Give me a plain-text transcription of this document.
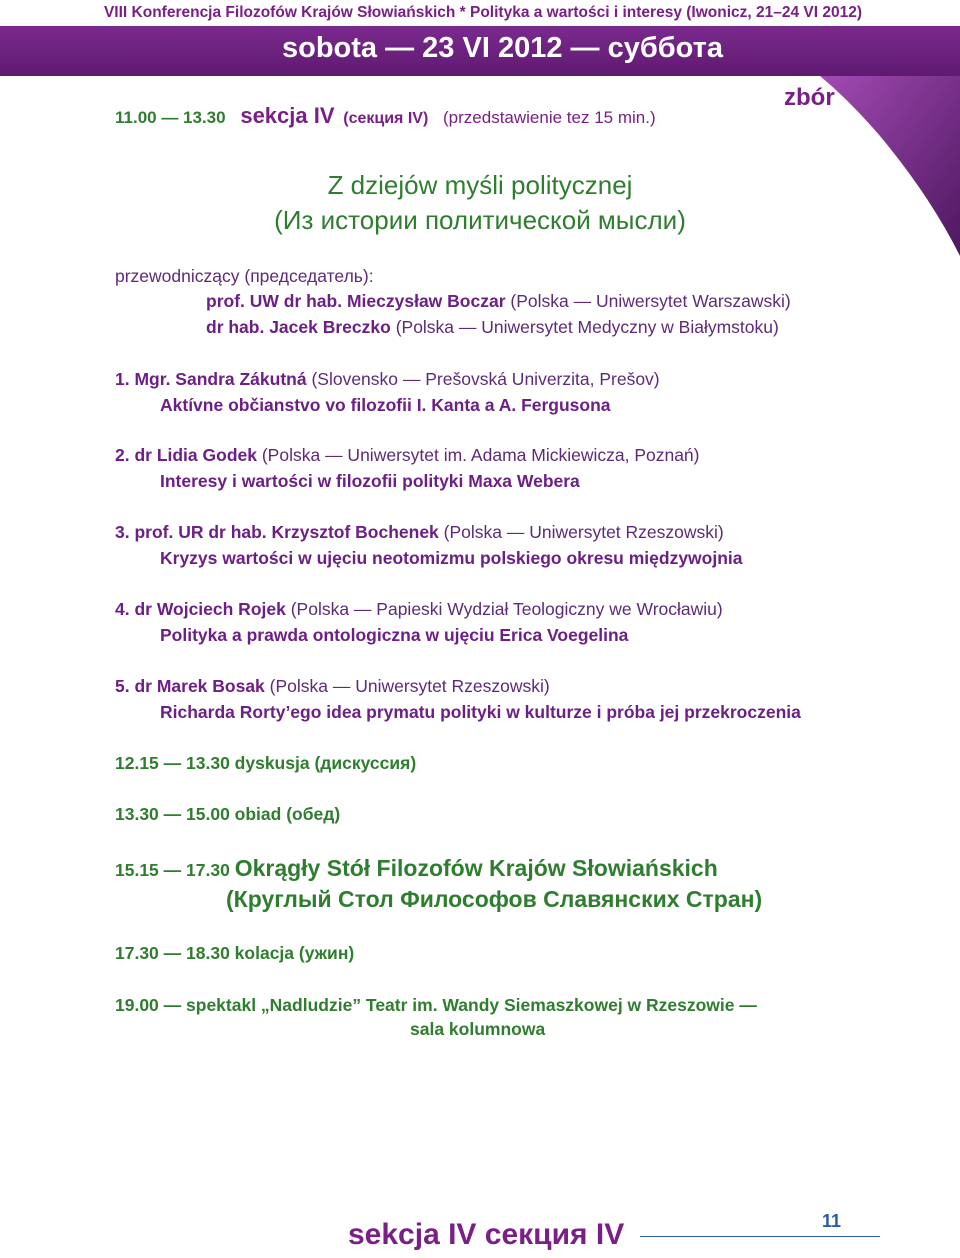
VIII Konferencja Filozofów Krajów Słowiańskich * Polityka a wartości i interesy (Iwonicz, 21–24 VI 2012)
sobota — 23 VI 2012 — суббота
11.00 — 13.30 sekcja IV (секция IV) (przedstawienie tez 15 min.)
zbór
Z dziejów myśli politycznej
(Из истории политической мысли)
przewodniczący (председатель):
prof. UW dr hab. Mieczysław Boczar (Polska — Uniwersytet Warszawski)
dr hab. Jacek Breczko (Polska — Uniwersytet Medyczny w Białymstoku)
1. Mgr. Sandra Zákutná (Slovensko — Prešovská Univerzita, Prešov)
Aktívne občianstvo vo filozofii I. Kanta a A. Fergusona
2. dr Lidia Godek (Polska — Uniwersytet im. Adama Mickiewicza, Poznań)
Interesy i wartości w filozofii polityki Maxa Webera
3. prof. UR dr hab. Krzysztof Bochenek (Polska — Uniwersytet Rzeszowski)
Kryzys wartości w ujęciu neotomizmu polskiego okresu międzywojnia
4. dr Wojciech Rojek (Polska — Papieski Wydział Teologiczny we Wrocławiu)
Polityka a prawda ontologiczna w ujęciu Erica Voegelina
5. dr Marek Bosak (Polska — Uniwersytet Rzeszowski)
Richarda Rorty’ego idea prymatu polityki w kulturze i próba jej przekroczenia
12.15 — 13.30 dyskusja (дискуссия)
13.30 — 15.00 obiad (обед)
15.15 — 17.30 Okrągły Stół Filozofów Krajów Słowiańskich
(Круглый Стол Философов Славянских Стран)
17.30 — 18.30 kolacja (ужин)
19.00 — spektakl „Nadludzie” Teatr im. Wandy Siemaszkowej w Rzeszowie —
sala kolumnowa
11
sekcja IV секция IV
